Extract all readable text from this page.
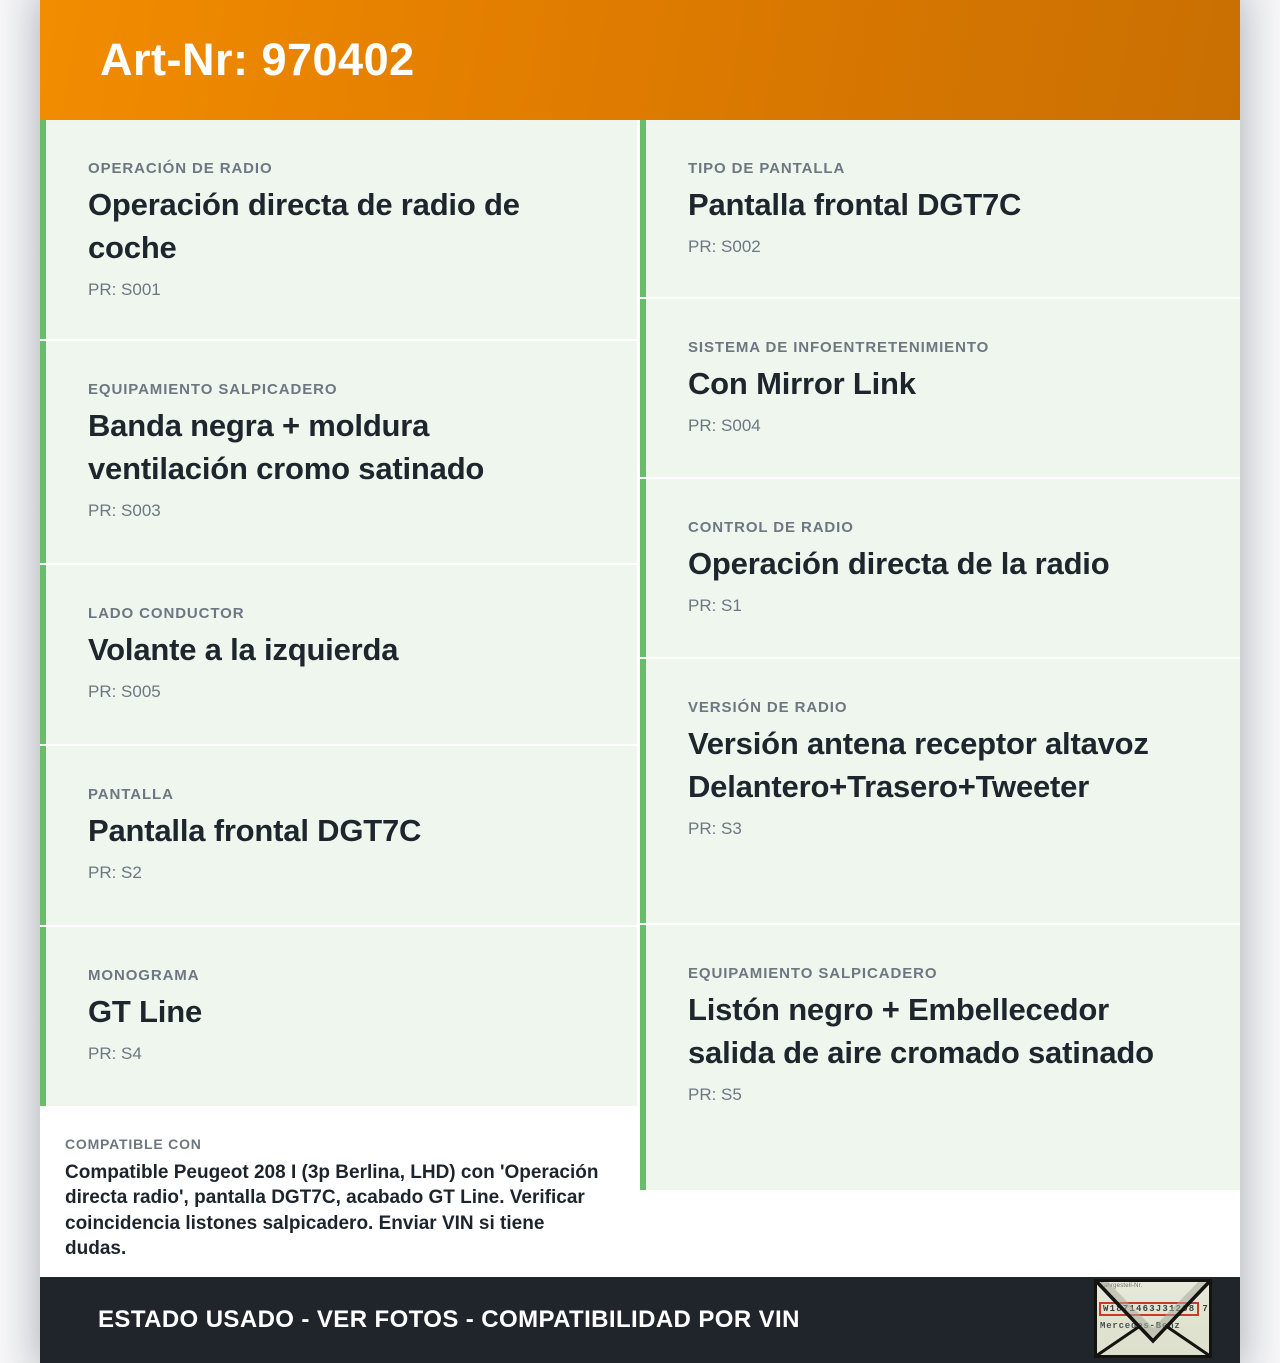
Art-Nr: 970402
OPERACIÓN DE RADIO
Operación directa de radio de coche
PR: S001
EQUIPAMIENTO SALPICADERO
Banda negra + moldura ventilación cromo satinado
PR: S003
LADO CONDUCTOR
Volante a la izquierda
PR: S005
PANTALLA
Pantalla frontal DGT7C
PR: S2
MONOGRAMA
GT Line
PR: S4
COMPATIBLE CON
Compatible Peugeot 208 I (3p Berlina, LHD) con 'Operación directa radio', pantalla DGT7C, acabado GT Line. Verificar coincidencia listones salpicadero. Enviar VIN si tiene dudas.
TIPO DE PANTALLA
Pantalla frontal DGT7C
PR: S002
SISTEMA DE INFOENTRETENIMIENTO
Con Mirror Link
PR: S004
CONTROL DE RADIO
Operación directa de la radio
PR: S1
VERSIÓN DE RADIO
Versión antena receptor altavoz Delantero+Trasero+Tweeter
PR: S3
EQUIPAMIENTO SALPICADERO
Listón negro + Embellecedor salida de aire cromado satinado
PR: S5
ESTADO USADO - VER FOTOS - COMPATIBILIDAD POR VIN
Fahrgestell-Nr.
W1871463J31298 7
Mercedes-Benz
